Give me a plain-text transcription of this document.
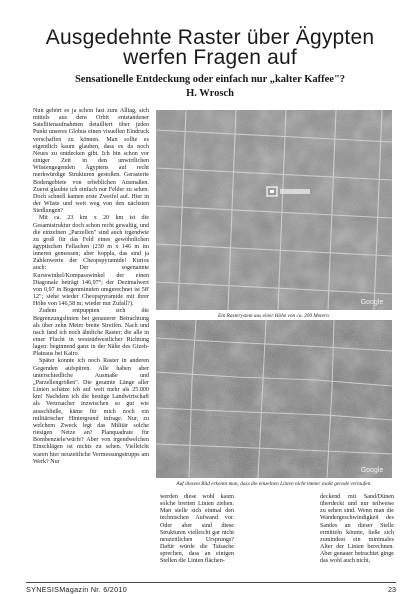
Ausgedehnte Raster über Ägypten
werfen Fragen auf
Sensationelle Entdeckung oder einfach nur „kalter Kaffee"?
H. Wrosch

Nun gehört es ja schon fast zum Alltag, sich mittels aus dem Orbit entstandener Satellitenaufnahmen detailliert über jeden Punkt unseres Globus einen visuellen Eindruck verschaffen zu können. Man sollte es eigentlich kaum glauben, dass es da noch Neues zu entdecken gibt. Ich bin schon vor einiger Zeit in den unwirtlichen Wüstengegenden Ägyptens auf recht merkwürdige Strukturen gestoßen. Gerasterte Bodengebiete von erheblichen Ausmaßen. Zuerst glaubte ich einfach nur Felder zu sehen. Doch schnell kamen erste Zweifel auf. Hier in der Wüste und weit weg von den nächsten Siedlungen?

Mit ca. 23 km x 20 km ist die Gesamtstruktur doch schon recht gewaltig, und die einzelnen „Parzellen" sind auch irgendwie zu groß für das Feld eines gewöhnlichen ägyptischen Fellachen (230 m x 146 m im inneren gemessen; aber hoppla, das sind ja Zahlenwerte der Cheopspyramide! Kurios auch: Der sogenannte Kursswinkel/Kompasswinkel der einen Diagonale beträgt 146,97°; der Dezimalwert von 0,97 in Bogenminuten umgerechnet ist 58' 12"; siehe wieder Cheopspyramide mit ihrer Höhe von 146,58 m; wieder nur Zufall?).

Zudem entpuppten sich die Begrenzungslinien bei genauerer Betrachtung als über zehn Meter breite Streifen. Nach und nach fand ich noch ähnliche Raster; die alle in einer Flucht in westsüdwestlicher Richtung lagen: beginnend ganz in der Nähe des Gizeh-Plateaus bei Kairo.

Später konnte ich noch Raster in anderen Gegenden aufspüren. Alle haben aber unterschiedliche Ausmaße und „Parzellengrößen". Die gesamte Länge aller Linien schätze ich auf weit mehr als 25.000 km! Nachdem ich die heutige Landwirtschaft als Verursacher inzwischen so gut wie ausschließe, käme für mich noch ein militärischer Hintergrund infrage. Nur, zu welchem Zweck legt das Militär solche riesigen Netze an? Planquadrate für Bombenziele/würfe? Aber von irgendwelchen Einschlägen ist nichts zu sehen. Vielleicht waren hier neuzeitliche Vermessungstrupps am Werk? Nur

Google
Ein Rasterystem aus einer Höhe von ca. 200 Metern.
Google
Auf diesem Bild erkennt man, dass die einzelnen Linien nicht immer exakt gerade verlaufen.

werden diese wohl kaum solche breiten Linien ziehen. Man stelle sich einmal den technischen Aufwand vor. Oder aber sind diese Strukturen vielleicht gar nicht neuzeitlichen Ursprungs? Dafür würde die Tatsache sprechen, dass an einigen Stellen die Linien flächen-

deckend mit Sand/Dünen überdeckt und nur teilweise zu sehen sind. Wenn man die Wandergeschwindigkeit des Sandes an dieser Stelle ermitteln könnte, ließe sich zumindest ein minimales Alter der Linien berechnen. Aber genauer betrachtet ginge das wohl auch nicht,

SYNESISMagazin Nr. 6/2010	23
